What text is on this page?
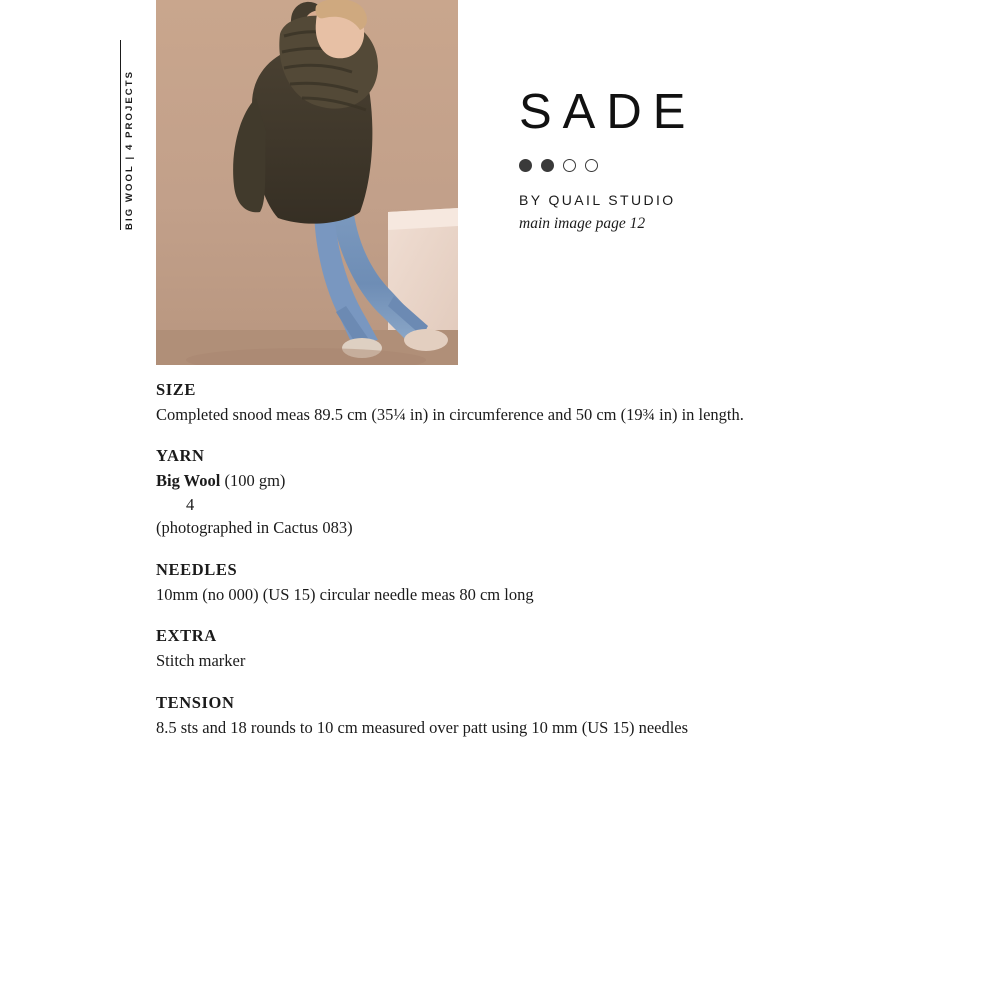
BIG WOOL | 4 PROJECTS	SADE
BY QUAIL STUDIO
main image page 12

SIZE

Completed snood meas 89.5 cm (35¼ in) in circumference and 50 cm (19¾ in) in length.

YARN

Big Wool (100 gm)

4

(photographed in Cactus 083)

NEEDLES

10mm (no 000) (US 15) circular needle meas 80 cm long

EXTRA

Stitch marker

TENSION

8.5 sts and 18 rounds to 10 cm measured over patt using 10 mm (US 15) needles
